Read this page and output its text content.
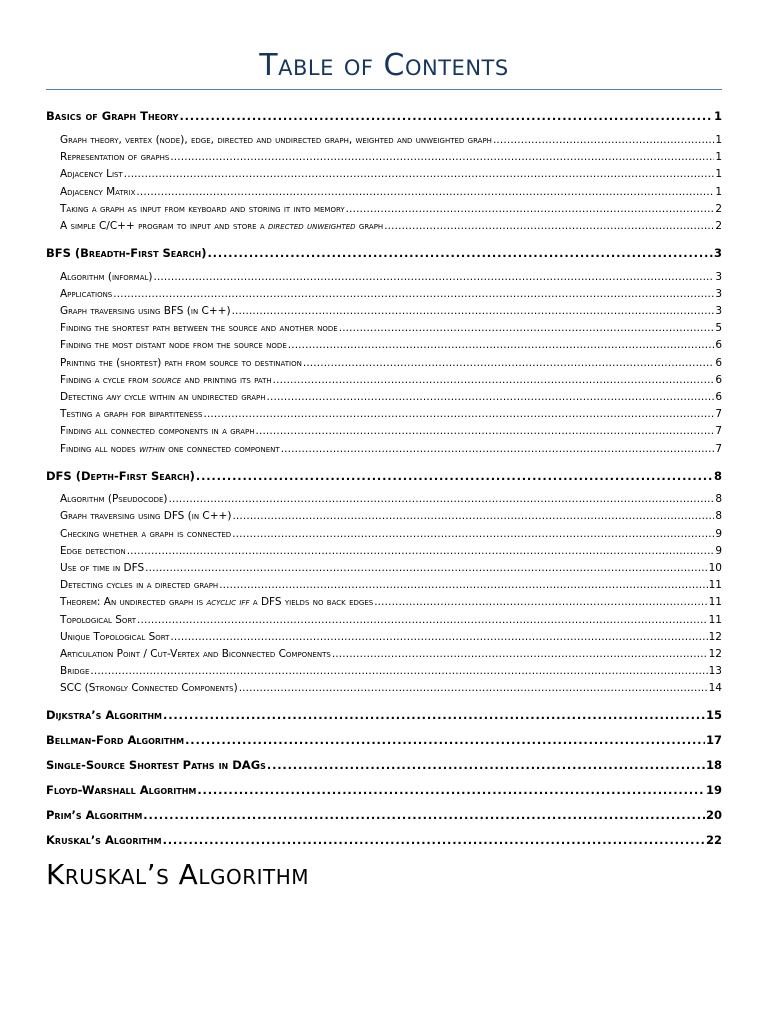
Table of Contents
Basics of Graph Theory . . .	1
Graph theory, vertex (node), edge, directed and undirected graph, weighted and unweighted graph . . .	1
Representation of graphs . . .	1
Adjacency List . . .	1
Adjacency Matrix . . .	1
Taking a graph as input from keyboard and storing it into memory . . .	2
A simple C/C++ program to input and store a directed unweighted graph . . .	2
BFS (Breadth-First Search) . . .	3
Algorithm (informal) . . .	3
Applications . . .	3
Graph traversing using BFS (in C++) . . .	3
Finding the shortest path between the source and another node . . .	5
Finding the most distant node from the source node . . .	6
Printing the (shortest) path from source to destination . . .	6
Finding a cycle from source and printing its path . . .	6
Detecting any cycle within an undirected graph . . .	6
Testing a graph for bipartiteness . . .	7
Finding all connected components in a graph . . .	7
Finding all nodes within one connected component . . .	7
DFS (Depth-First Search) . . .	8
Algorithm (Pseudocode) . . .	8
Graph traversing using DFS (in C++) . . .	8
Checking whether a graph is connected . . .	9
Edge detection . . .	9
Use of time in DFS . . .	10
Detecting cycles in a directed graph . . .	11
Theorem: An undirected graph is acyclic iff a DFS yields no back edges . . .	11
Topological Sort . . .	11
Unique Topological Sort . . .	12
Articulation Point / Cut-Vertex and Biconnected Components . . .	12
Bridge . . .	13
SCC (Strongly Connected Components) . . .	14
Dijkstra’s Algorithm . . .	15
Bellman-Ford Algorithm . . .	17
Single-Source Shortest Paths in DAGs . . .	18
Floyd-Warshall Algorithm . . .	19
Prim’s Algorithm . . .	20
Kruskal’s Algorithm . . .	22
Kruskal’s Algorithm
